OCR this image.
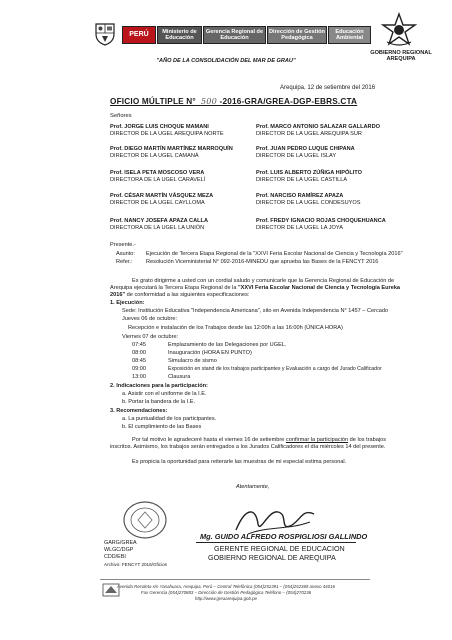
PERÚ	Ministerio de Educación
Gerencia Regional de Educación
Dirección de Gestión Pedagógica
Educación Ambiental
GOBIERNO REGIONAL
AREQUIPA
"AÑO DE LA CONSOLIDACIÓN DEL MAR DE GRAU"
Arequipa, 12 de setiembre del 2016
OFICIO MÚLTIPLE N° 500 -2016-GRA/GREA-DGP-EBRS.CTA
Señores
Prof. JORGE LUIS CHOQUE MAMANI
DIRECTOR DE LA UGEL AREQUIPA NORTE
Prof. DIEGO MARTÍN MARTÍNEZ MARROQUÍN
DIRECTOR DE LA UGEL CAMANÁ
Prof. ISELA PETA MOSCOSO VERA
DIRECTORA DE LA UGEL CARAVELÍ
Prof. CÉSAR MARTÍN VÁSQUEZ MEZA
DIRECTOR DE LA UGEL CAYLLOMA
Prof. NANCY JOSEFA APAZA CALLA
DIRECTORA DE LA UGEL LA UNIÓN
Prof. MARCO ANTONIO SALAZAR GALLARDO
DIRECTOR DE LA UGEL AREQUIPA SUR
Prof. JUAN PEDRO LUQUE CHIPANA
DIRECTOR DE LA UGEL ISLAY
Prof. LUIS ALBERTO ZÚÑIGA HIPÓLITO
DIRECTOR DE LA UGEL CASTILLA
Prof. NARCISO RAMÍREZ APAZA
DIRECTOR DE LA UGEL CONDESUYOS
Prof. FREDY IGNACIO ROJAS CHOQUEHUANCA
DIRECTOR DE LA UGEL LA JOYA
Presente.-
Asunto: Ejecución de Tercera Etapa Regional de la "XXVI Feria Escolar Nacional de Ciencia y Tecnología 2016"
Refer.: Resolución Viceministerial N° 092-2016-MINEDU que aprueba las Bases de la FENCYT 2016
Es grato dirigirme a usted con un cordial saludo y comunicarle que la Gerencia Regional de Educación de
Arequipa ejecutará la Tercera Etapa Regional de la "XXVI Feria Escolar Nacional de Ciencia y Tecnología Eureka
2016" de conformidad a las siguientes especificaciones:
1. Ejecución:
Sede: Institución Educativa "Independencia Americana", sito en Avenida Independencia N° 1457 – Cercado
Jueves 06 de octubre:
Recepción e instalación de los Trabajos desde las 12:00h a las 16:00h (ÚNICA HORA)
Viernes 07 de octubre:
07:45	Emplazamiento de las Delegaciones por UGEL.
08:00	Inauguración (HORA EN PUNTO)
08:45	Simulacro de sismo
09:00	Exposición en stand de los trabajos participantes y Evaluación a cargo del Jurado Calificador
13:00	Clausura
2. Indicaciones para la participación:
a. Asistir con el uniforme de la I.E.
b. Portar la bandera de la I.E.
3. Recomendaciones:
a. La puntualidad de los participantes.
b. El cumplimiento de las Bases
Por tal motivo le agradeceré hasta el viernes 16 de setiembre confirmar la participación de los trabajos
inscritos. Asimismo, los trabajos serán entregados a los Jurados Calificadores el día miércoles 14 del presente.
Es propicia la oportunidad para reiterarle las muestras de mi especial estima personal.
Atentamente,
Mg. GUIDO ALFREDO ROSPIGLIOSI GALLINDO
GERENTE REGIONAL DE EDUCACION
GOBIERNO REGIONAL DE AREQUIPA
GARG/GREA
WLGC/DGP
CDD/EBI
Archivo: FENCYT 2016/Oficios
Avenida Recoleta s/n Yanahuara, Arequipa, Perú – Central Telefónica (054)252391 – (054)252369 anexo 44016
Fax Gerencia (054)270883 – Dirección de Gestión Pedagógica Teléfono – (054)270236
http://www.greaarequipa.gob.pe
